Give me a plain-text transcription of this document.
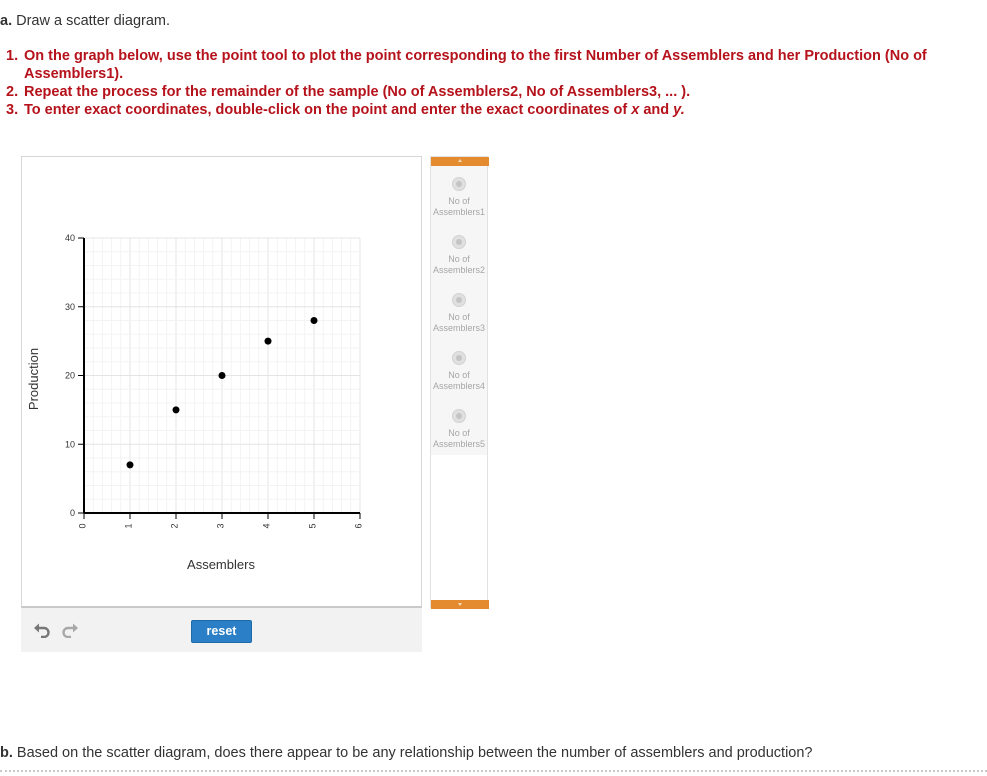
a. Draw a scatter diagram.
1. On the graph below, use the point tool to plot the point corresponding to the first Number of Assemblers and her Production (No of Assemblers1).
2. Repeat the process for the remainder of the sample (No of Assemblers2, No of Assemblers3, ... ).
3. To enter exact coordinates, double-click on the point and enter the exact coordinates of x and y.
0	1	2	3	4	5	6
0
10
20
30
40
Assemblers
Production
reset
No of
Assemblers1
No of
Assemblers2
No of
Assemblers3
No of
Assemblers4
No of
Assemblers5
b. Based on the scatter diagram, does there appear to be any relationship between the number of assemblers and production?
